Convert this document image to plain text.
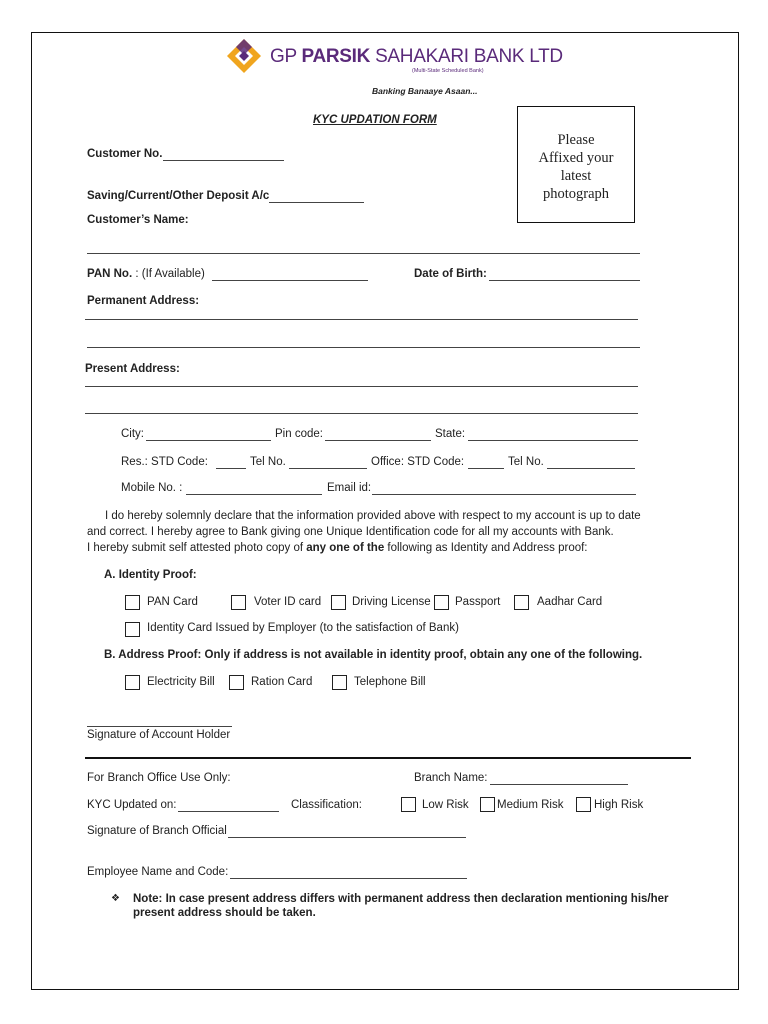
GP PARSIK SAHAKARI BANK LTD
(Multi-State Scheduled Bank)
Banking Banaaye Asaan...
KYC UPDATION FORM
Please
Affixed your
latest
photograph
Customer No.
Saving/Current/Other Deposit A/c
Customer’s Name:
PAN No. : (If Available)	Date of Birth:
Permanent Address:
Present Address:
City:	Pin code:	State:
Res.: STD Code:	Tel No.	Office: STD Code:	Tel No.
Mobile No. :	Email id:
I do hereby solemnly declare that the information provided above with respect to my account is up to date
and correct. I hereby agree to Bank giving one Unique Identification code for all my accounts with Bank.
I hereby submit self attested photo copy of any one of the following as Identity and Address proof:
A. Identity Proof:
PAN Card	Voter ID card	Driving License Passport	Aadhar Card
Identity Card Issued by Employer (to the satisfaction of Bank)
B. Address Proof: Only if address is not available in identity proof, obtain any one of the following.
Electricity Bill	Ration Card	Telephone Bill
Signature of Account Holder
For Branch Office Use Only:	Branch Name:
KYC Updated on:	Classification:	Low Risk Medium Risk	High Risk
Signature of Branch Official
Employee Name and Code:
❖ Note: In case present address differs with permanent address then declaration mentioning his/her
present address should be taken.
